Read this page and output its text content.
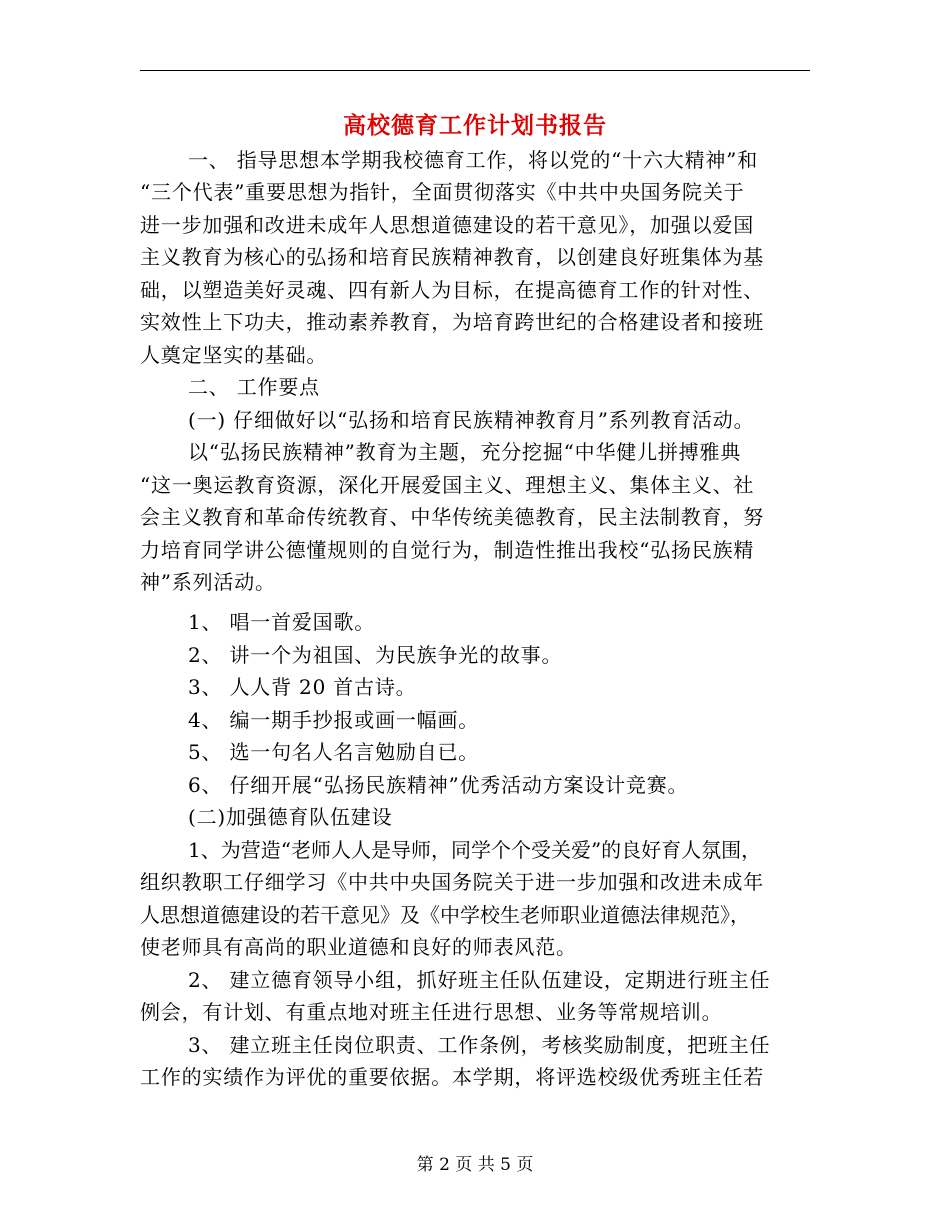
高校德育工作计划书报告
一、 指导思想本学期我校德育工作，将以党的“十六大精神”和
“三个代表”重要思想为指针，全面贯彻落实《中共中央国务院关于
进一步加强和改进未成年人思想道德建设的若干意见》，加强以爱国
主义教育为核心的弘扬和培育民族精神教育，以创建良好班集体为基
础，以塑造美好灵魂、四有新人为目标，在提高德育工作的针对性、
实效性上下功夫，推动素养教育，为培育跨世纪的合格建设者和接班
人奠定坚实的基础。
二、 工作要点
(一) 仔细做好以“弘扬和培育民族精神教育月”系列教育活动。
以“弘扬民族精神”教育为主题，充分挖掘“中华健儿拼搏雅典
“这一奥运教育资源，深化开展爱国主义、理想主义、集体主义、社
会主义教育和革命传统教育、中华传统美德教育，民主法制教育，努
力培育同学讲公德懂规则的自觉行为，制造性推出我校“弘扬民族精
神”系列活动。
1、 唱一首爱国歌。
2、 讲一个为祖国、为民族争光的故事。
3、 人人背 20 首古诗。
4、 编一期手抄报或画一幅画。
5、 选一句名人名言勉励自已。
6、 仔细开展“弘扬民族精神”优秀活动方案设计竞赛。
(二)加强德育队伍建设
1、为营造“老师人人是导师，同学个个受关爱”的良好育人氛围，
组织教职工仔细学习《中共中央国务院关于进一步加强和改进未成年
人思想道德建设的若干意见》及《中学校生老师职业道德法律规范》，
使老师具有高尚的职业道德和良好的师表风范。
2、 建立德育领导小组，抓好班主任队伍建设，定期进行班主任
例会，有计划、有重点地对班主任进行思想、业务等常规培训。
3、 建立班主任岗位职责、工作条例，考核奖励制度，把班主任
工作的实绩作为评优的重要依据。本学期，将评选校级优秀班主任若
第 2 页 共 5 页
